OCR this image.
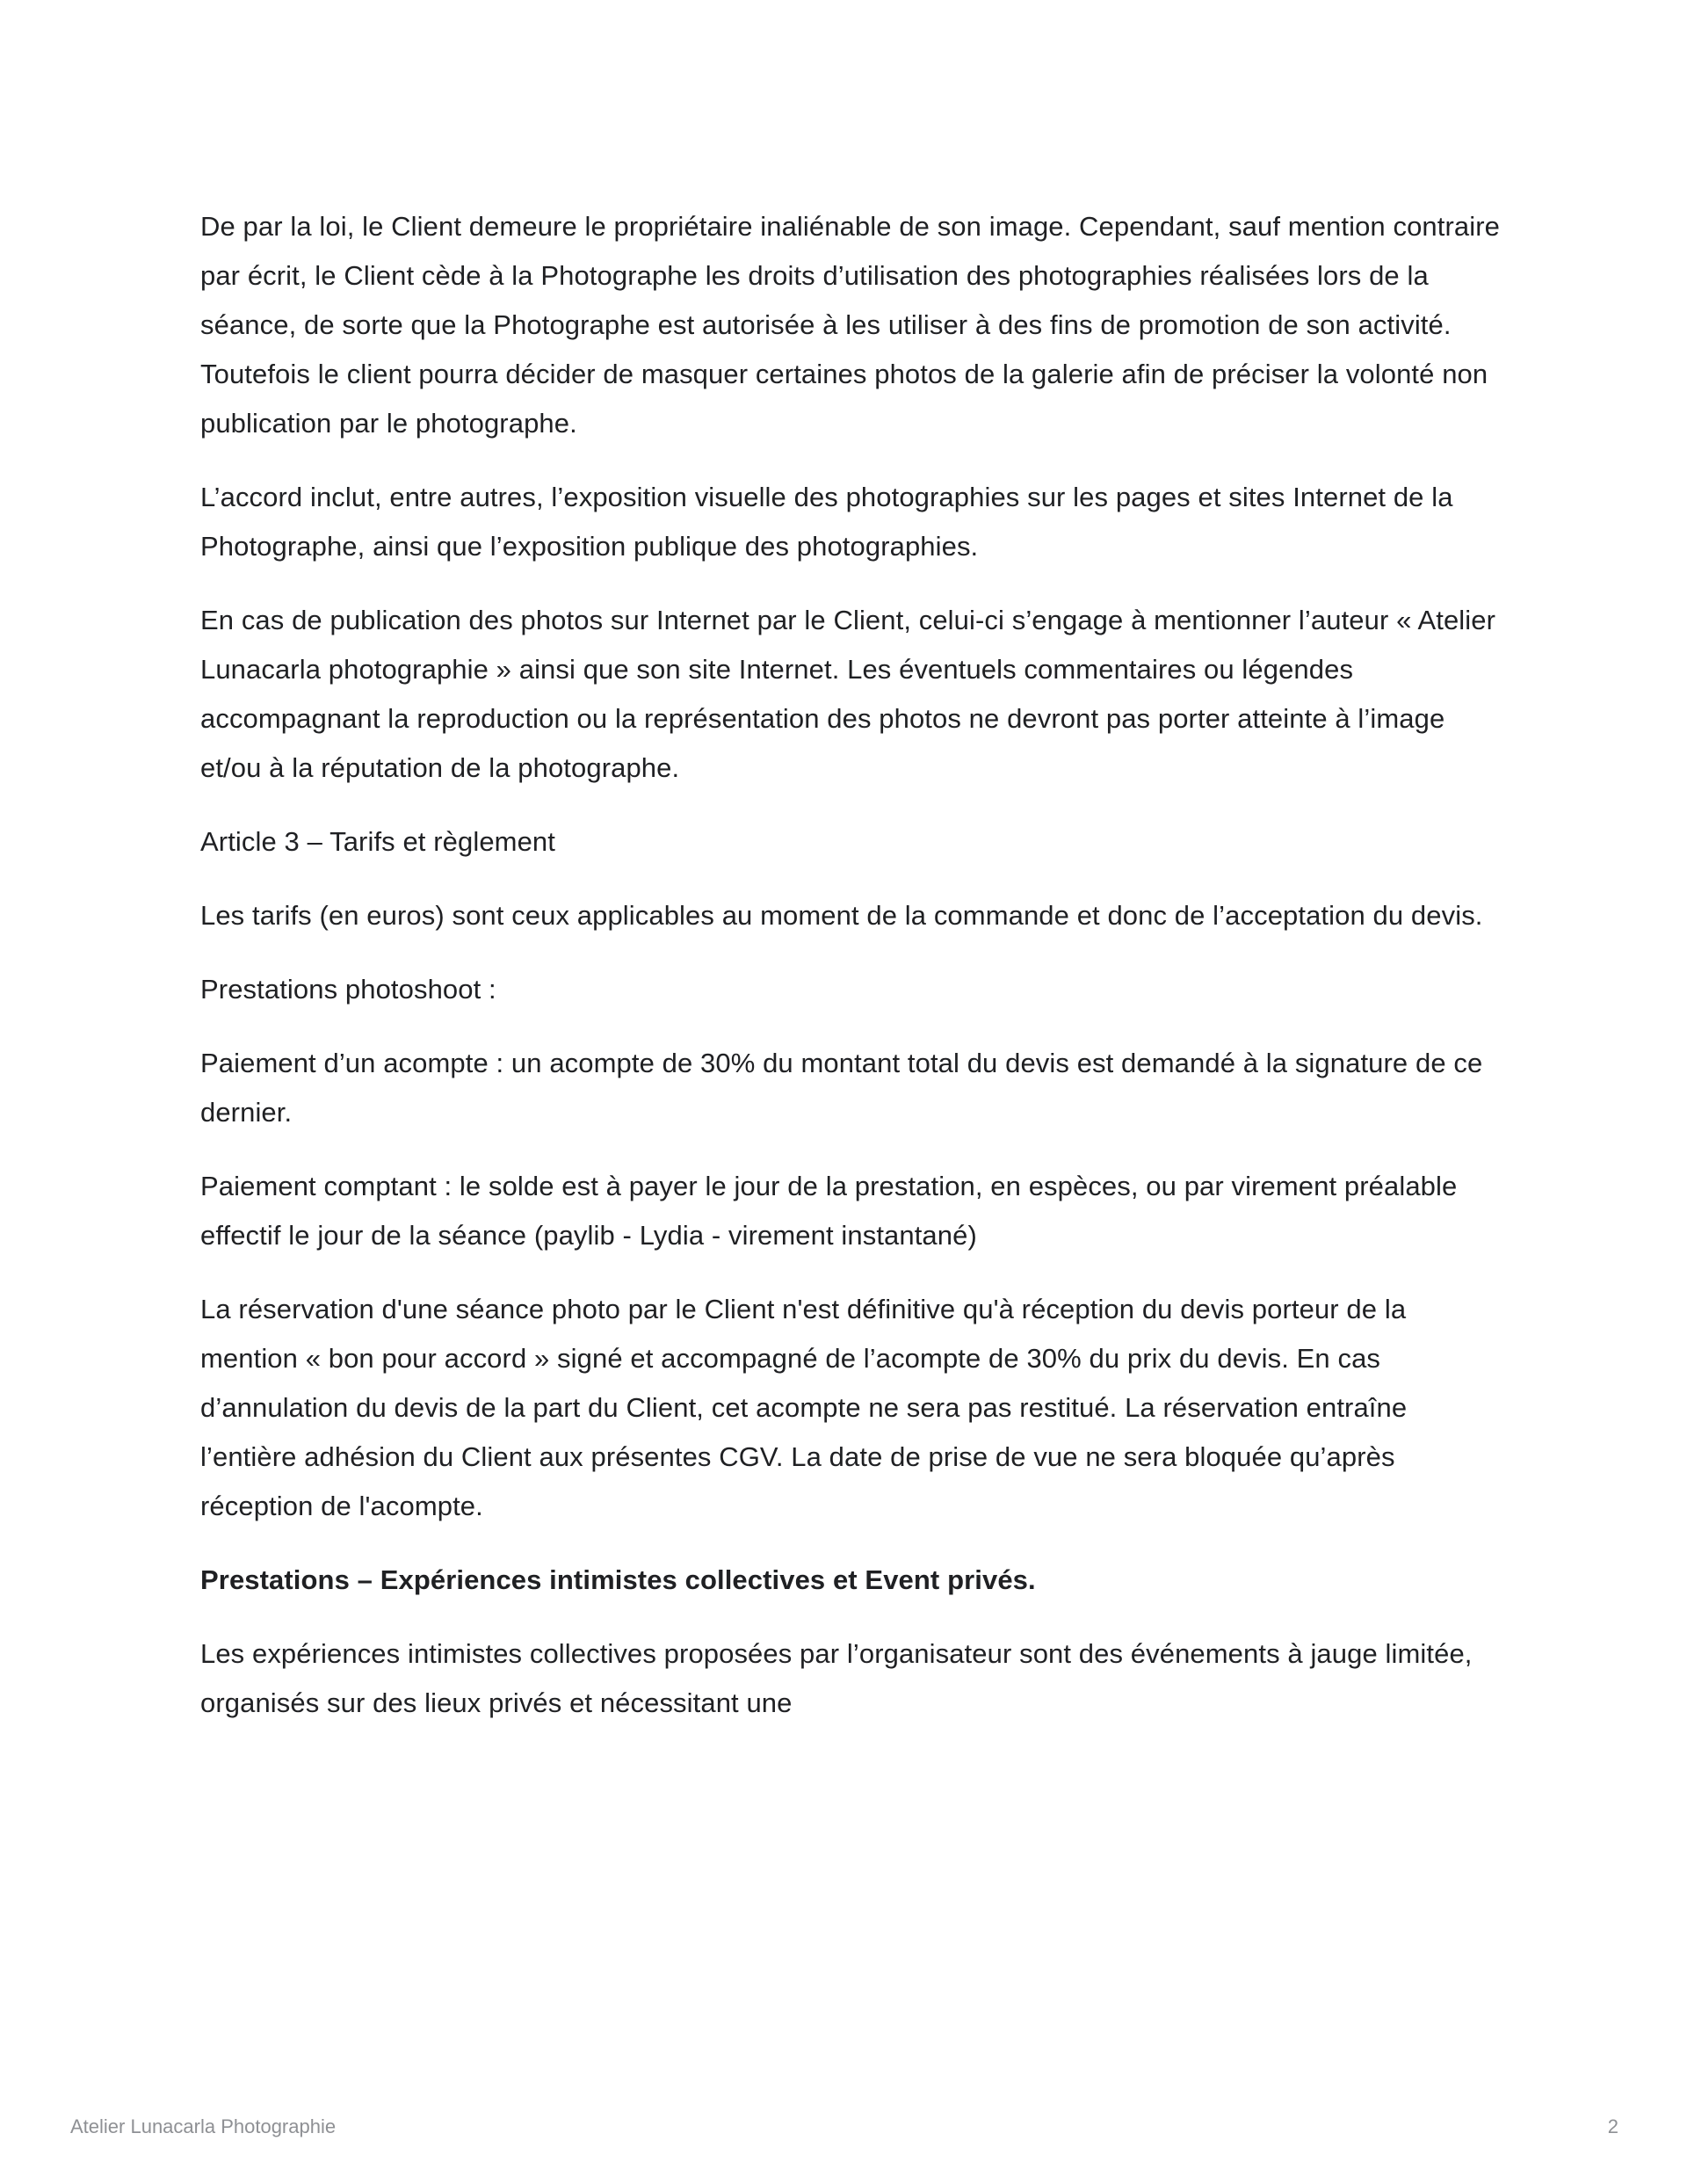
De par la loi, le Client demeure le propriétaire inaliénable de son image. Cependant, sauf mention contraire par écrit, le Client cède à la Photographe les droits d’utilisation des photographies réalisées lors de la séance, de sorte que la Photographe est autorisée à les utiliser à des fins de promotion de son activité. Toutefois le client pourra décider de masquer certaines photos de la galerie afin de préciser la volonté non publication par le photographe.

L’accord inclut, entre autres, l’exposition visuelle des photographies sur les pages et sites Internet de la Photographe, ainsi que l’exposition publique des photographies.

En cas de publication des photos sur Internet par le Client, celui-ci s’engage à mentionner l’auteur « Atelier Lunacarla photographie » ainsi que son site Internet. Les éventuels commentaires ou légendes accompagnant la reproduction ou la représentation des photos ne devront pas porter atteinte à l’image et/ou à la réputation de la photographe.

Article 3 – Tarifs et règlement

Les tarifs (en euros) sont ceux applicables au moment de la commande et donc de l’acceptation du devis.

Prestations photoshoot :

Paiement d’un acompte : un acompte de 30% du montant total du devis est demandé à la signature de ce dernier.

Paiement comptant : le solde est à payer le jour de la prestation, en espèces, ou par virement préalable effectif le jour de la séance (paylib - Lydia - virement instantané)

La réservation d'une séance photo par le Client n'est définitive qu'à réception du devis porteur de la mention « bon pour accord » signé et accompagné de l’acompte de 30% du prix du devis. En cas d’annulation du devis de la part du Client, cet acompte ne sera pas restitué. La réservation entraîne l’entière adhésion du Client aux présentes CGV. La date de prise de vue ne sera bloquée qu’après réception de l'acompte.

Prestations – Expériences intimistes collectives et Event privés.

Les expériences intimistes collectives proposées par l’organisateur sont des événements à jauge limitée, organisés sur des lieux privés et nécessitant une

Atelier Lunacarla Photographie	2
